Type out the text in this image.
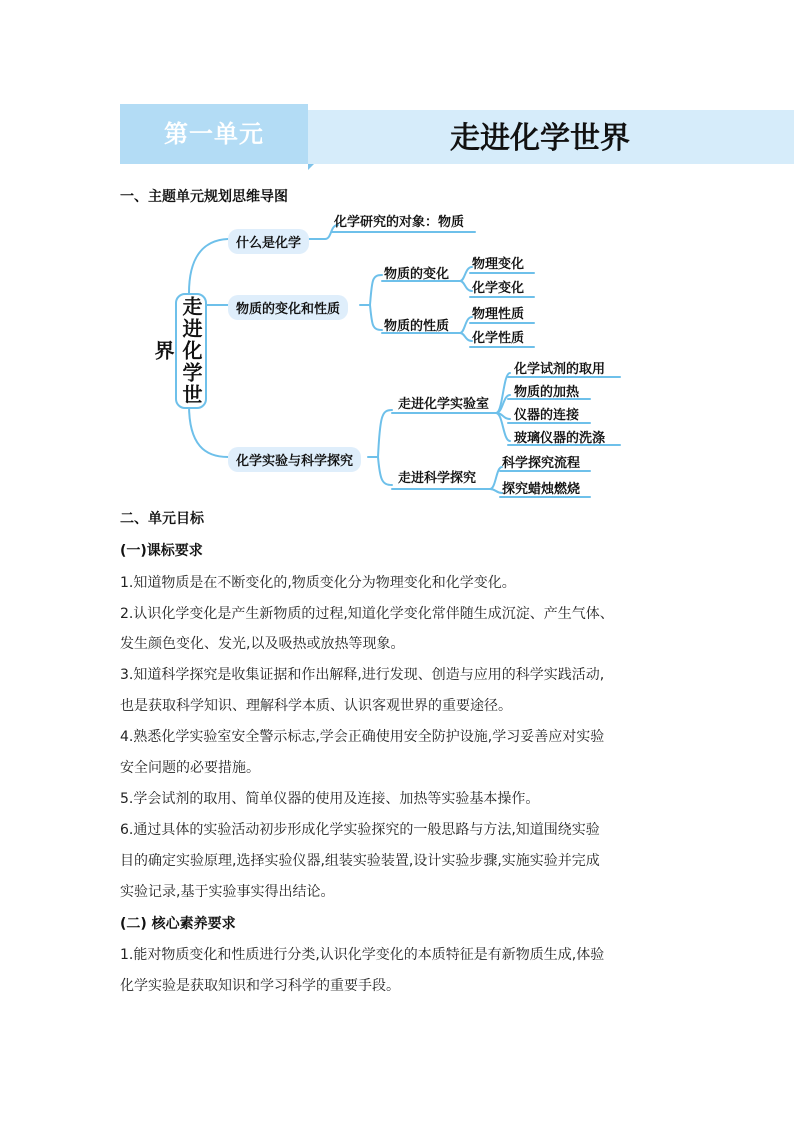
第一单元	走进化学世界
一、主题单元规划思维导图
走进化学世界
什么是化学
化学研究的对象：物质
物质的变化和性质
物质的变化
物质的性质
物理变化
化学变化
物理性质
化学性质
化学实验与科学探究
走进化学实验室
走进科学探究
化学试剂的取用
物质的加热
仪器的连接
玻璃仪器的洗涤
科学探究流程
探究蜡烛燃烧
二、单元目标
(一)课标要求
1.知道物质是在不断变化的,物质变化分为物理变化和化学变化。
2.认识化学变化是产生新物质的过程,知道化学变化常伴随生成沉淀、产生气体、
发生颜色变化、发光,以及吸热或放热等现象。
3.知道科学探究是收集证据和作出解释,进行发现、创造与应用的科学实践活动,
也是获取科学知识、理解科学本质、认识客观世界的重要途径。
4.熟悉化学实验室安全警示标志,学会正确使用安全防护设施,学习妥善应对实验
安全问题的必要措施。
5.学会试剂的取用、简单仪器的使用及连接、加热等实验基本操作。
6.通过具体的实验活动初步形成化学实验探究的一般思路与方法,知道围绕实验
目的确定实验原理,选择实验仪器,组装实验装置,设计实验步骤,实施实验并完成
实验记录,基于实验事实得出结论。
(二) 核心素养要求
1.能对物质变化和性质进行分类,认识化学变化的本质特征是有新物质生成,体验
化学实验是获取知识和学习科学的重要手段。
